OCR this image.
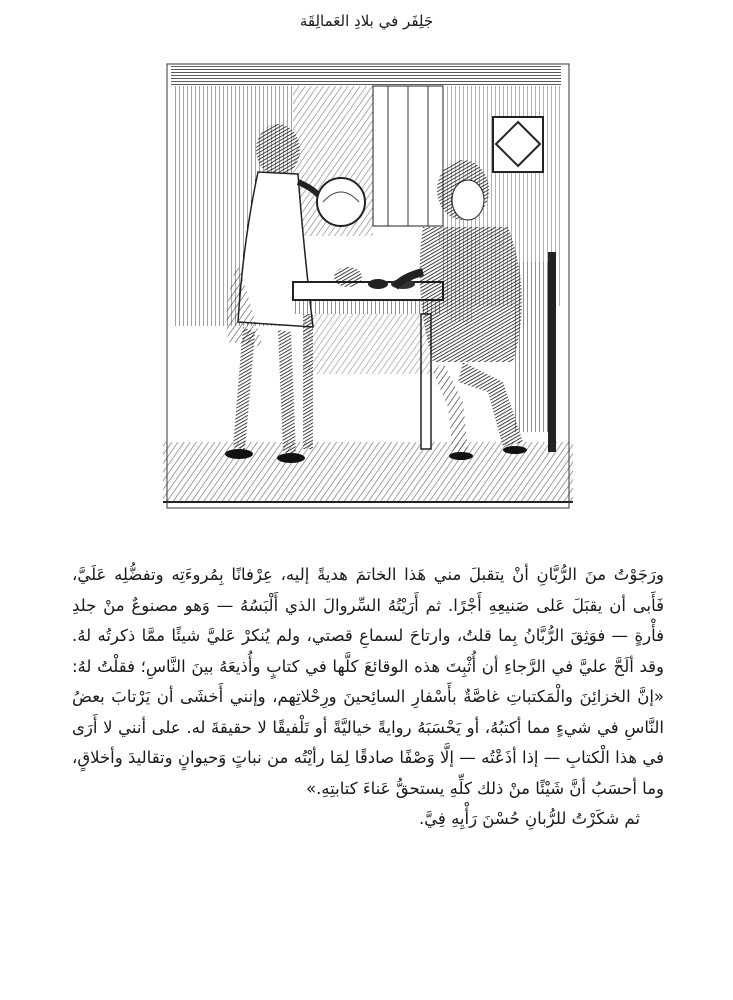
جَلِفَر في بلادِ العَمالِقَة

ورَجَوْتُ منَ الرُّبَّانِ أنْ يتقبلَ مني هَذا الخاتمَ هديةً إليه، عِرْفانًا بِمُروءَتِه وتفضُّلِه عَلَيَّ، فَأَبى أن يقبَلَ عَلى صَنيعِهِ أَجْرًا. ثم أَرَيْتُهُ السِّروالَ الذي أَلْبَسُهُ — وَهو مصنوعٌ منْ جلدِ فأْرةٍ — فوَثِقَ الرُّبَّانُ بِما قلتُ، وارتاحَ لسماعِ قصتي، ولم يُنكرْ عَليَّ شيئًا ممَّا ذكرتُه لهُ. وقد ألَحَّ عليَّ في الرَّجاءِ أن أُثْبِتَ هذه الوقائعَ كلَّها في كتابٍ وأُذيعَهُ بينَ النَّاسِ؛ فقلْتُ لهُ: «إنَّ الخزائِنَ والْمَكتباتِ غاصَّةٌ بأَسْفارِ السائِحينَ ورِحْلاتِهم، وإنني أَخشَى أن يَرْتابَ بعضُ النَّاسِ في شيءٍ مما أكتبُهُ، أو يَحْسَبَهُ روايةً خياليَّةً أو تَلْفيقًا لا حقيقةَ له. على أنني لا أَرَى في هذا الْكتابِ — إذا أذَعْتُه — إلَّا وَصْفًا صادقًا لِمَا رأيْتُه من نباتٍ وَحيوانٍ وتقاليدَ وأخلاقٍ، وما أحسَبُ أنَّ شَيْئًا منْ ذلك كلِّهِ يستحقُّ عَناءَ كتابتِهِ.»

ثم شكَرْتُ للرُّبانِ حُسْنَ رَأْيِهِ فِيَّ.
